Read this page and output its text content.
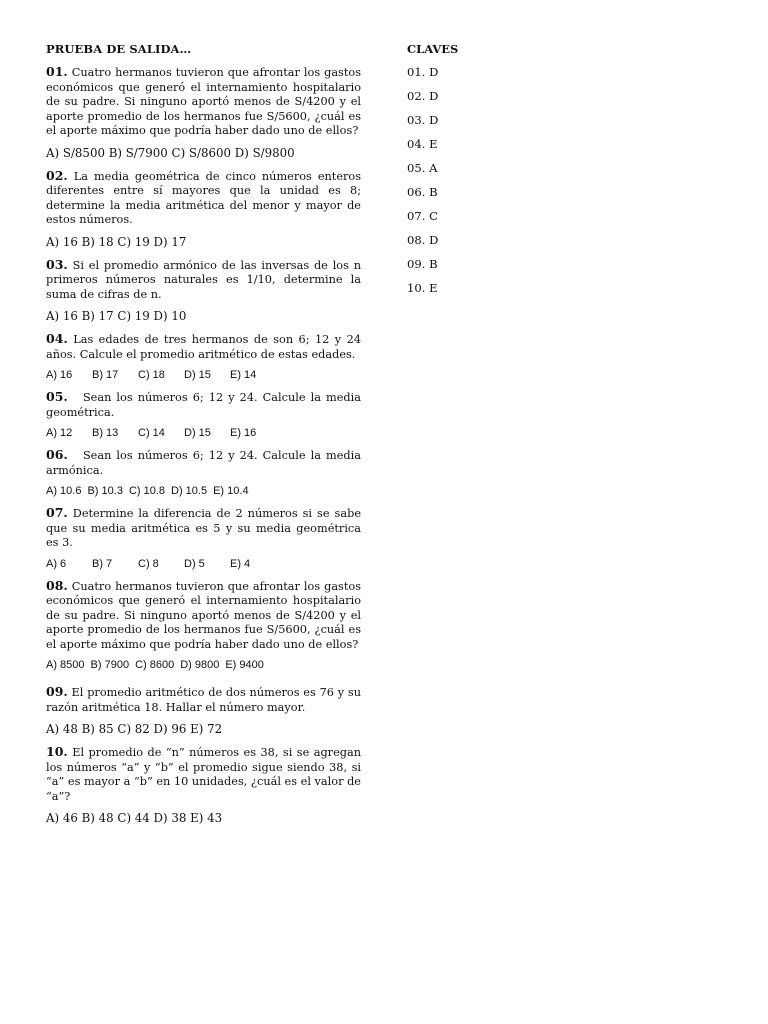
PRUEBA DE SALIDA…

01. Cuatro hermanos tuvieron que afrontar los gastos económicos que generó el internamiento hospitalario de su padre. Si ninguno aportó menos de S/4200 y el aporte promedio de los hermanos fue S/5600, ¿cuál es el aporte máximo que podría haber dado uno de ellos?

A) S/8500 B) S/7900 C) S/8600 D) S/9800

02. La media geométrica de cinco números enteros diferentes entre sí mayores que la unidad es 8; determine la media aritmética del menor y mayor de estos números.

A) 16 B) 18 C) 19 D) 17

03. Si el promedio armónico de las inversas de los n primeros números naturales es 1/10, determine la suma de cifras de n.

A) 16 B) 17 C) 19 D) 10

04. Las edades de tres hermanos de son 6; 12 y 24 años. Calcule el promedio aritmético de estas edades.

A) 16 B) 17 C) 18 D) 15 E) 14

05. Sean los números 6; 12 y 24. Calcule la media geométrica.

A) 12 B) 13 C) 14 D) 15 E) 16

06. Sean los números 6; 12 y 24. Calcule la media armónica.

A) 10.6 B) 10.3 C) 10.8 D) 10.5 E) 10.4

07. Determine la diferencia de 2 números si se sabe que su media aritmética es 5 y su media geométrica es 3.

A) 6 B) 7 C) 8 D) 5 E) 4

08. Cuatro hermanos tuvieron que afrontar los gastos económicos que generó el internamiento hospitalario de su padre. Si ninguno aportó menos de S/4200 y el aporte promedio de los hermanos fue S/5600, ¿cuál es el aporte máximo que podría haber dado uno de ellos?

A) 8500 B) 7900 C) 8600 D) 9800 E) 9400

09. El promedio aritmético de dos números es 76 y su razón aritmética 18. Hallar el número mayor.

A) 48 B) 85 C) 82 D) 96 E) 72

10. El promedio de “n” números es 38, si se agregan los números “a” y “b” el promedio sigue siendo 38, si “a” es mayor a “b” en 10 unidades, ¿cuál es el valor de “a”?

A) 46 B) 48 C) 44 D) 38 E) 43

CLAVES

01. D

02. D

03. D

04. E

05. A

06. B

07. C

08. D

09. B

10. E
